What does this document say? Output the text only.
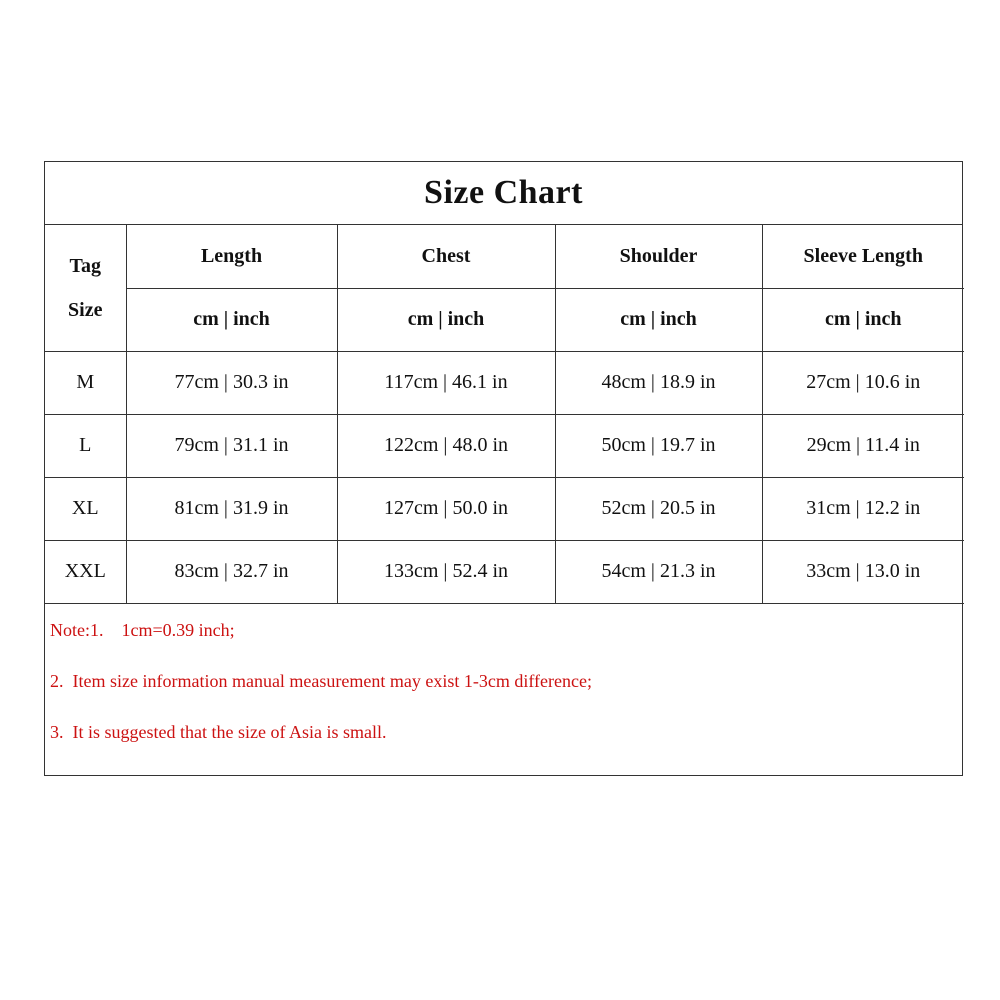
Size Chart
Tag
Size	Length	Chest	Shoulder	Sleeve Length
	cm | inch	cm | inch	cm | inch	cm | inch
M	77cm | 30.3 in	117cm | 46.1 in	48cm | 18.9 in	27cm | 10.6 in
L	79cm | 31.1 in	122cm | 48.0 in	50cm | 19.7 in	29cm | 11.4 in
XL	81cm | 31.9 in	127cm | 50.0 in	52cm | 20.5 in	31cm | 12.2 in
XXL	83cm | 32.7 in	133cm | 52.4 in	54cm | 21.3 in	33cm | 13.0 in
Note:1.    1cm=0.39 inch;
2.  Item size information manual measurement may exist 1-3cm difference;
3.  It is suggested that the size of Asia is small.
